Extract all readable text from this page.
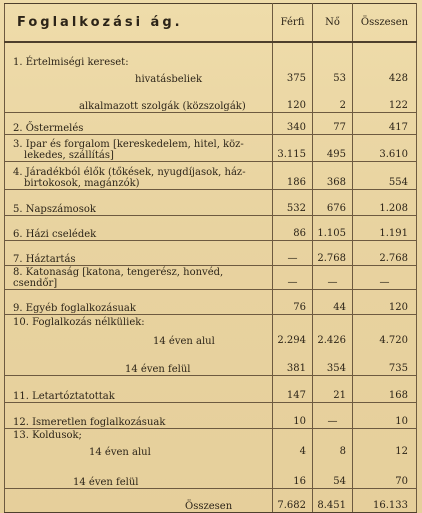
Foglalkozási ág.	Férfi	Nő	Összesen
1. Értelmiségi kereset:			
hivatásbeliek	375	53	428
alkalmazott szolgák (közszolgák)	120	2	122
2. Őstermelés	340	77	417

3. Ipar és forgalom [kereskedelem, hitel, köz-
lekedes, szállítás]	3.115	495	3.610

4. Járadékból élők (tőkések, nyugdíjasok, ház-
birtokosok, magánzók)	186	368	554
5. Napszámosok	532	676	1.208
6. Házi cselédek	86	1.105	1.191
7. Háztartás	—	2.768	2.768
8. Katonaság [katona, tengerész, honvéd, csendőr]	—	—	—
9. Egyéb foglalkozásuak	76	44	120
10. Foglalkozás nélküliek:			
14 éven alul	2.294	2.426	4.720
14 éven felül	381	354	735
11. Letartóztatottak	147	21	168
12. Ismeretlen foglalkozásuak	10	—	10
13. Koldusok;			
14 éven alul	4	8	12
14 éven felül	16	54	70
Összesen	7.682	8.451	16.133
